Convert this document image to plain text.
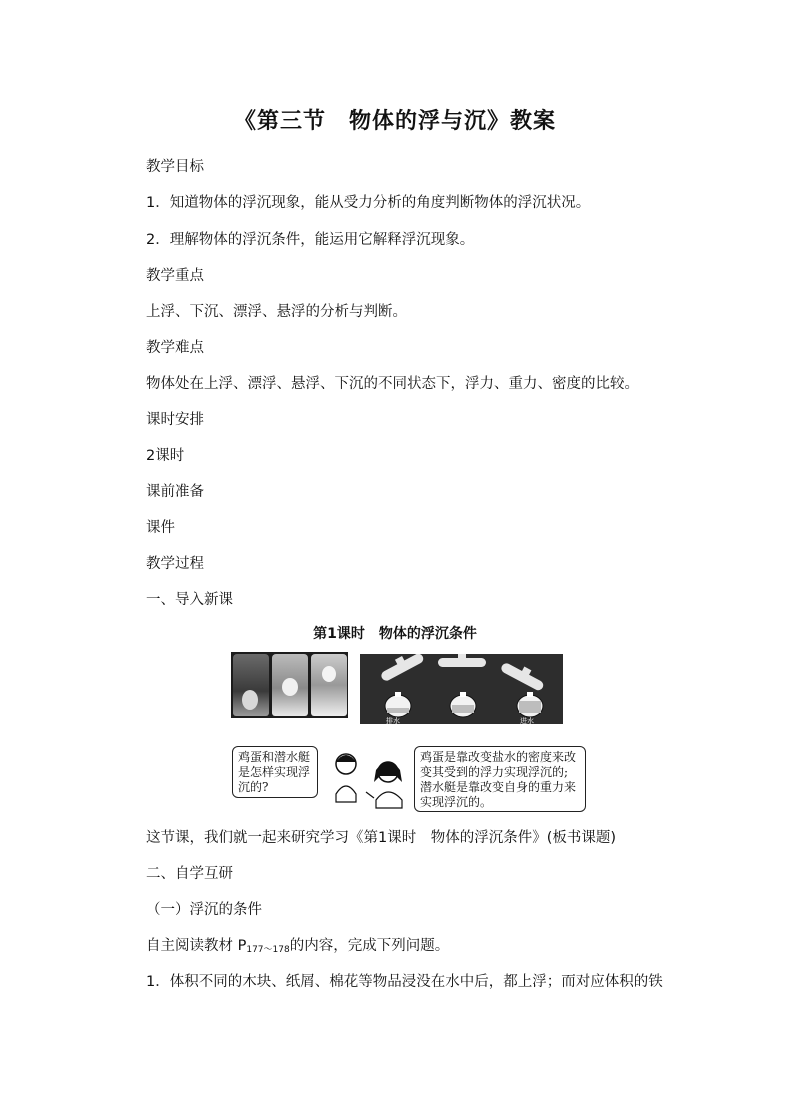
《第三节　物体的浮与沉》教案
教学目标
1．知道物体的浮沉现象，能从受力分析的角度判断物体的浮沉状况。
2．理解物体的浮沉条件，能运用它解释浮沉现象。
教学重点
上浮、下沉、漂浮、悬浮的分析与判断。
教学难点
物体处在上浮、漂浮、悬浮、下沉的不同状态下，浮力、重力、密度的比较。
课时安排
2课时
课前准备
课件
教学过程
一、导入新课
第1课时　物体的浮沉条件
排水	进水
鸡蛋和潜水艇是怎样实现浮沉的?
鸡蛋是靠改变盐水的密度来改变其受到的浮力实现浮沉的;潜水艇是靠改变自身的重力来实现浮沉的。
这节课，我们就一起来研究学习《第1课时　物体的浮沉条件》(板书课题)
二、自学互研
（一）浮沉的条件
自主阅读教材 $P_{177\sim 178}$的内容，完成下列问题。
1．体积不同的木块、纸屑、棉花等物品浸没在水中后，都上浮；而对应体积的铁
